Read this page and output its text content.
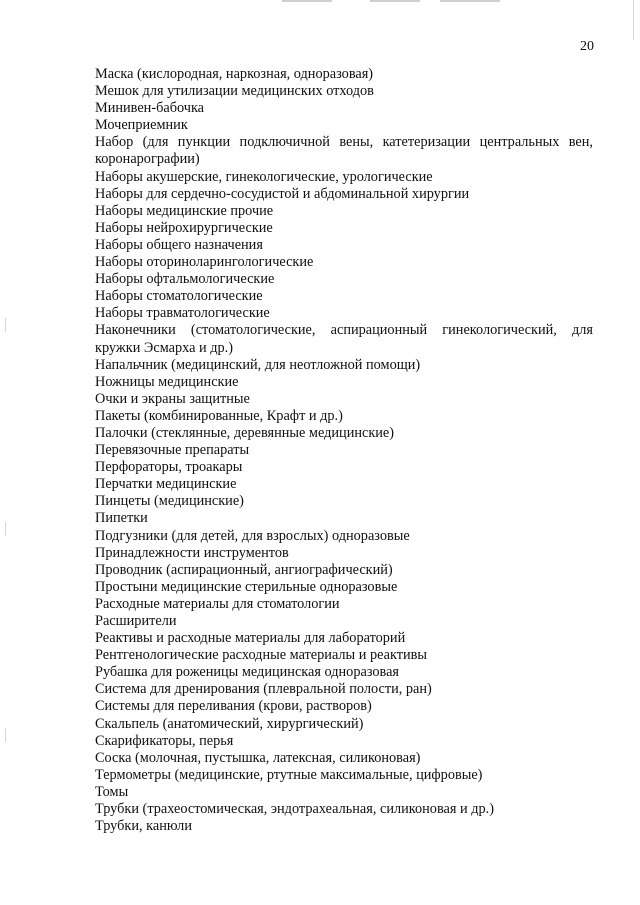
20
Маска (кислородная, наркозная, одноразовая)
Мешок для утилизации медицинских отходов
Минивен-бабочка
Мочеприемник
Набор (для пункции подключичной вены, катетеризации центральных вен, коронарографии)
Наборы акушерские, гинекологические, урологические
Наборы для сердечно-сосудистой и абдоминальной хирургии
Наборы медицинские прочие
Наборы нейрохирургические
Наборы общего назначения
Наборы оториноларингологические
Наборы офтальмологические
Наборы стоматологические
Наборы травматологические
Наконечники (стоматологические, аспирационный гинекологический, для кружки Эсмарха и др.)
Напальчник (медицинский, для неотложной помощи)
Ножницы медицинские
Очки и экраны защитные
Пакеты (комбинированные, Крафт и др.)
Палочки (стеклянные, деревянные медицинские)
Перевязочные препараты
Перфораторы, троакары
Перчатки медицинские
Пинцеты (медицинские)
Пипетки
Подгузники (для детей, для взрослых) одноразовые
Принадлежности инструментов
Проводник (аспирационный, ангиографический)
Простыни медицинские стерильные одноразовые
Расходные материалы для стоматологии
Расширители
Реактивы и расходные материалы для лабораторий
Рентгенологические расходные материалы и реактивы
Рубашка для роженицы медицинская одноразовая
Система для дренирования (плевральной полости, ран)
Системы для переливания (крови, растворов)
Скальпель (анатомический, хирургический)
Скарификаторы, перья
Соска (молочная, пустышка, латексная, силиконовая)
Термометры (медицинские, ртутные максимальные, цифровые)
Томы
Трубки (трахеостомическая, эндотрахеальная, силиконовая и др.)
Трубки, канюли
